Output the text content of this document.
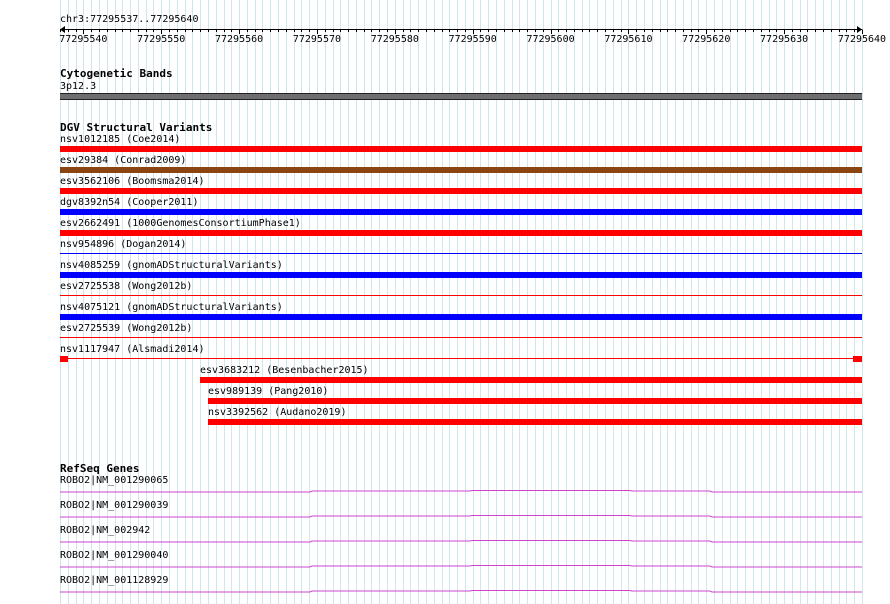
chr3:77295537..77295640
77295540	77295550	77295560	77295570	77295580	77295590	77295600	77295610	77295620	77295630	77295640
Cytogenetic Bands
3p12.3
DGV Structural Variants
nsv1012185 (Coe2014)
esv29384 (Conrad2009)
esv3562106 (Boomsma2014)
dgv8392n54 (Cooper2011)
esv2662491 (1000GenomesConsortiumPhase1)
nsv954896 (Dogan2014)
nsv4085259 (gnomADStructuralVariants)
esv2725538 (Wong2012b)
nsv4075121 (gnomADStructuralVariants)
esv2725539 (Wong2012b)
nsv1117947 (Alsmadi2014)
esv3683212 (Besenbacher2015)
esv989139 (Pang2010)
nsv3392562 (Audano2019)
RefSeq Genes
ROBO2|NM_001290065
ROBO2|NM_001290039
ROBO2|NM_002942
ROBO2|NM_001290040
ROBO2|NM_001128929
